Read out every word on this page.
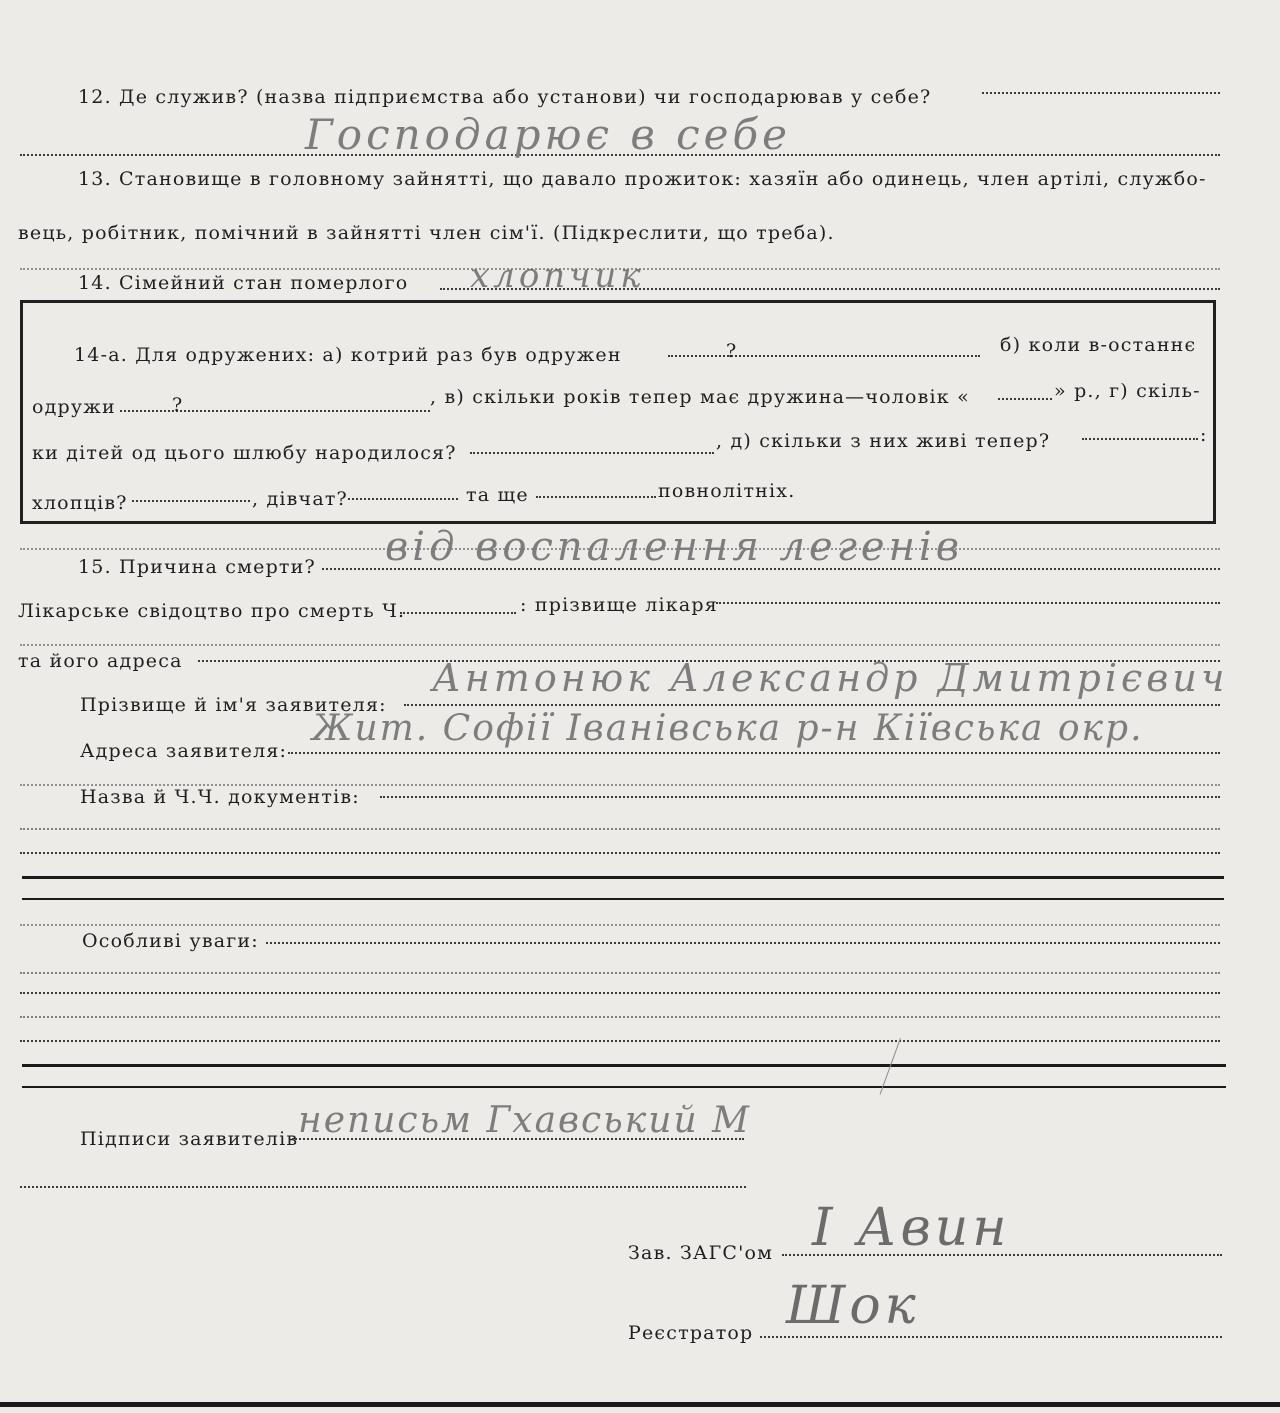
12. Де служив? (назва підприємства або установи) чи господарював у себе?
Господарює в себе
13. Становище в головному зайнятті, що давало прожиток: хазяїн або одинець, член артілі, службо-
вець, робітник, помічний в зайнятті член сім'ї. (Підкреслити, що треба).
14. Сімейний стан померлого хлопчик
14-а. Для одружених: а) котрий раз був одружен	?	б) коли в-останнє
одружи	?	, в) скільки років тепер має дружина—чоловік «	» р., г) скіль-
ки дітей од цього шлюбу народилося?
, д) скільки з них живі тепер?	:
хлопців?	, дівчат?	та ще	повнолітніх.
15. Причина смерти? від воспалення легенів
Лікарське свідоцтво про смерть Ч.	: прізвище лікаря
та його адреса
Прізвище й ім'я заявителя:
Антонюк Александр Дмитрієвич
Адреса заявителя:
Жит. Софії Іванівська р-н Кіївська окр.
Назва й Ч.Ч. документів:
Особливі уваги:
Підписи заявителів неписьм Гхавський М
Зав. ЗАГС'ом І Авин
Реєстратор Шок
